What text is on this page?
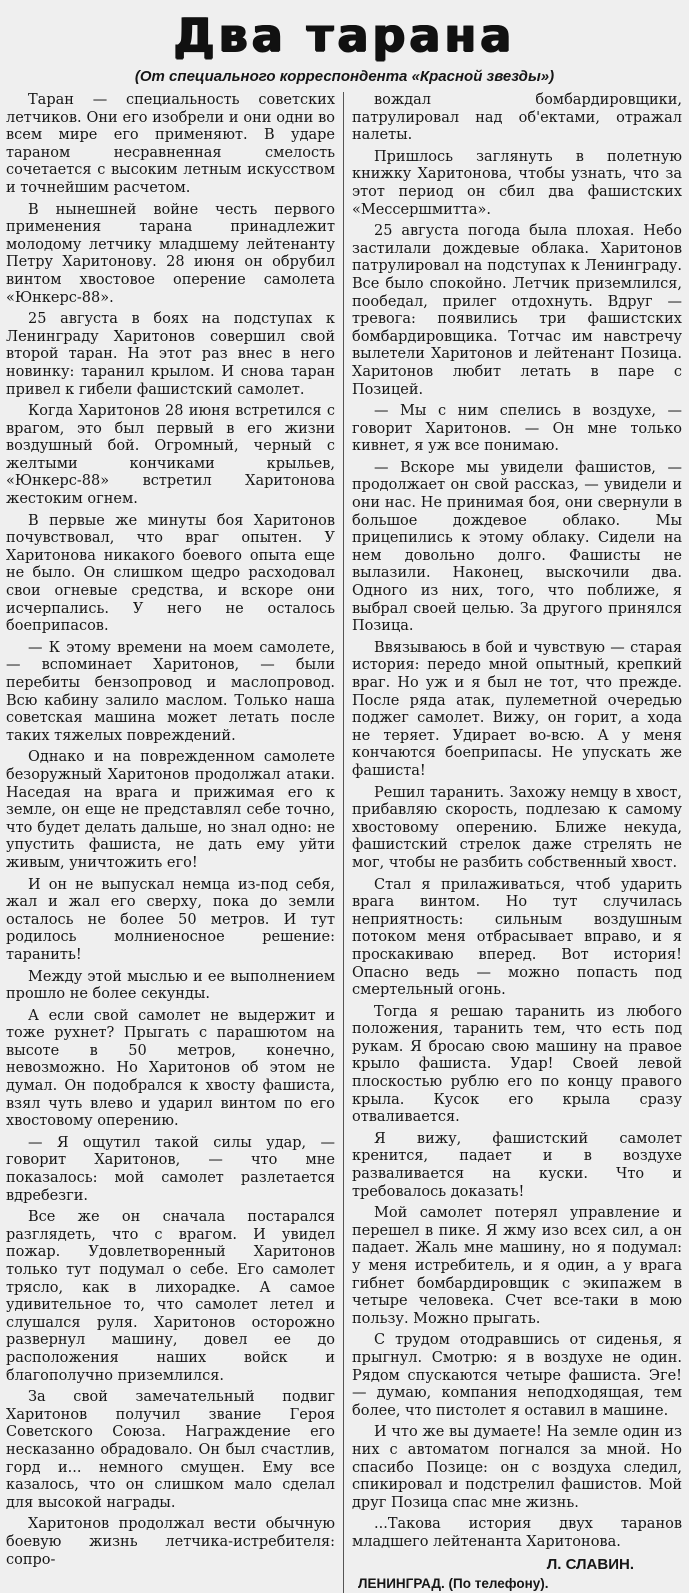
Два тарана
(От специального корреспондента «Красной звезды»)

Таран — специальность советских летчиков. Они его изобрели и они одни во всем мире его применяют. В ударе тараном несравненная смелость сочетается с высоким летным искусством и точнейшим расчетом.

В нынешней войне честь первого применения тарана принадлежит молодому летчику младшему лейтенанту Петру Харитонову. 28 июня он обрубил винтом хвостовое оперение самолета «Юнкерс-88».

25 августа в боях на подступах к Ленинграду Харитонов совершил свой второй таран. На этот раз внес в него новинку: таранил крылом. И снова таран привел к гибели фашистский самолет.

Когда Харитонов 28 июня встретился с врагом, это был первый в его жизни воздушный бой. Огромный, черный с желтыми кончиками крыльев, «Юнкерс-88» встретил Харитонова жестоким огнем.

В первые же минуты боя Харитонов почувствовал, что враг опытен. У Харитонова никакого боевого опыта еще не было. Он слишком щедро расходовал свои огневые средства, и вскоре они исчерпались. У него не осталось боеприпасов.

— К этому времени на моем самолете, — вспоминает Харитонов, — были перебиты бензопровод и маслопровод. Всю кабину залило маслом. Только наша советская машина может летать после таких тяжелых повреждений.

Однако и на поврежденном самолете безоружный Харитонов продолжал атаки. Наседая на врага и прижимая его к земле, он еще не представлял себе точно, что будет делать дальше, но знал одно: не упустить фашиста, не дать ему уйти живым, уничтожить его!

И он не выпускал немца из-под себя, жал и жал его сверху, пока до земли осталось не более 50 метров. И тут родилось молниеносное решение: таранить!

Между этой мыслью и ее выполнением прошло не более секунды.

А если свой самолет не выдержит и тоже рухнет? Прыгать с парашютом на высоте в 50 метров, конечно, невозможно. Но Харитонов об этом не думал. Он подобрался к хвосту фашиста, взял чуть влево и ударил винтом по его хвостовому оперению.

— Я ощутил такой силы удар, — говорит Харитонов, — что мне показалось: мой самолет разлетается вдребезги.

Все же он сначала постарался разглядеть, что с врагом. И увидел пожар. Удовлетворенный Харитонов только тут подумал о себе. Его самолет трясло, как в лихорадке. А самое удивительное то, что самолет летел и слушался руля. Харитонов осторожно развернул машину, довел ее до расположения наших войск и благополучно приземлился.

За свой замечательный подвиг Харитонов получил звание Героя Советского Союза. Награждение его несказанно обрадовало. Он был счастлив, горд и... немного смущен. Ему все казалось, что он слишком мало сделал для высокой награды.

Харитонов продолжал вести обычную боевую жизнь летчика-истребителя: сопро-

вождал бомбардировщики, патрулировал над об'ектами, отражал налеты.

Пришлось заглянуть в полетную книжку Харитонова, чтобы узнать, что за этот период он сбил два фашистских «Мессершмитта».

25 августа погода была плохая. Небо застилали дождевые облака. Харитонов патрулировал на подступах к Ленинграду. Все было спокойно. Летчик приземлился, пообедал, прилег отдохнуть. Вдруг — тревога: появились три фашистских бомбардировщика. Тотчас им навстречу вылетели Харитонов и лейтенант Позица. Харитонов любит летать в паре с Позицей.

— Мы с ним спелись в воздухе, — говорит Харитонов. — Он мне только кивнет, я уж все понимаю.

— Вскоре мы увидели фашистов, — продолжает он свой рассказ, — увидели и они нас. Не принимая боя, они свернули в большое дождевое облако. Мы прицепились к этому облаку. Сидели на нем довольно долго. Фашисты не вылазили. Наконец, выскочили два. Одного из них, того, что поближе, я выбрал своей целью. За другого принялся Позица.

Ввязываюсь в бой и чувствую — старая история: передо мной опытный, крепкий враг. Но уж и я был не тот, что прежде. После ряда атак, пулеметной очередью поджег самолет. Вижу, он горит, а хода не теряет. Удирает во-всю. А у меня кончаются боеприпасы. Не упускать же фашиста!

Решил таранить. Захожу немцу в хвост, прибавляю скорость, подлезаю к самому хвостовому оперению. Ближе некуда, фашистский стрелок даже стрелять не мог, чтобы не разбить собственный хвост.

Стал я прилаживаться, чтоб ударить врага винтом. Но тут случилась неприятность: сильным воздушным потоком меня отбрасывает вправо, и я проскакиваю вперед. Вот история! Опасно ведь — можно попасть под смертельный огонь.

Тогда я решаю таранить из любого положения, таранить тем, что есть под рукам. Я бросаю свою машину на правое крыло фашиста. Удар! Своей левой плоскостью рублю его по концу правого крыла. Кусок его крыла сразу отваливается.

Я вижу, фашистский самолет кренится, падает и в воздухе разваливается на куски. Что и требовалось доказать!

Мой самолет потерял управление и перешел в пике. Я жму изо всех сил, а он падает. Жаль мне машину, но я подумал: у меня истребитель, и я один, а у врага гибнет бомбардировщик с экипажем в четыре человека. Счет все-таки в мою пользу. Можно прыгать.

С трудом отодравшись от сиденья, я прыгнул. Смотрю: я в воздухе не один. Рядом спускаются четыре фашиста. Эге! — думаю, компания неподходящая, тем более, что пистолет я оставил в машине.

И что же вы думаете! На земле один из них с автоматом погнался за мной. Но спасибо Позице: он с воздуха следил, спикировал и подстрелил фашистов. Мой друг Позица спас мне жизнь.

...Такова история двух таранов младшего лейтенанта Харитонова.

Л. СЛАВИН.
ЛЕНИНГРАД. (По телефону).
